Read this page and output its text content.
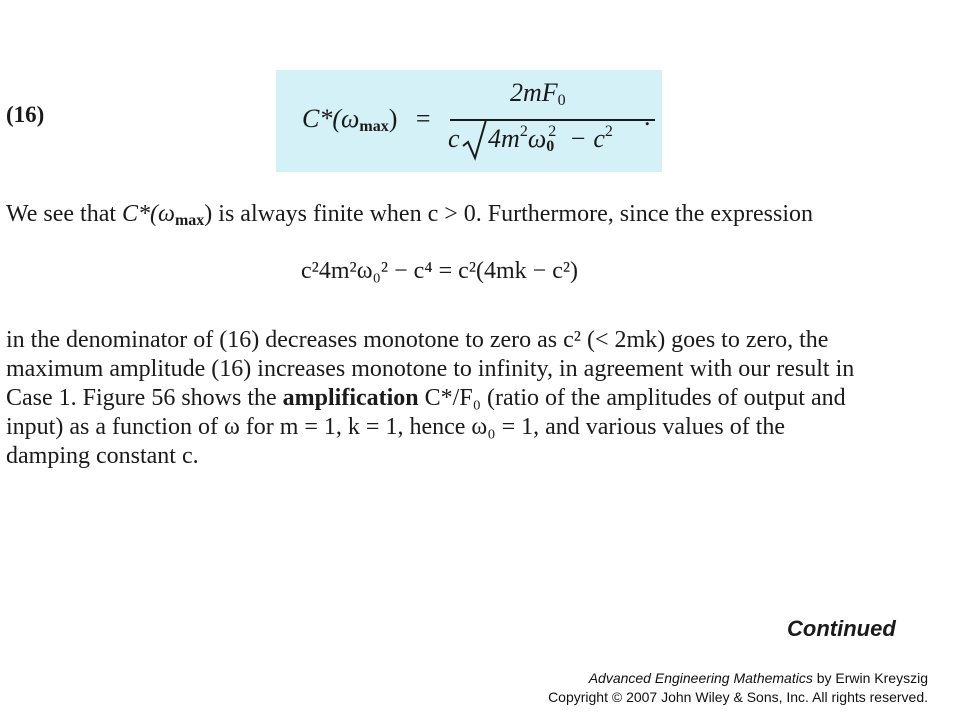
(16)	$C*(\omega_{max})$ =
$2mF_0$
c $4m^2\omega_0^2 - c^2$
.
We see that $C*(\omega_{max})$ is always finite when c > 0. Furthermore, since the expression
c²4m²ω₀² − c⁴ = c²(4mk − c²)
in the denominator of (16) decreases monotone to zero as c² (< 2mk) goes to zero, the
maximum amplitude (16) increases monotone to infinity, in agreement with our result in
Case 1. Figure 56 shows the amplification C*/F₀ (ratio of the amplitudes of output and
input) as a function of ω for m = 1, k = 1, hence ω₀ = 1, and various values of the
damping constant c.
Continued
Advanced Engineering Mathematics by Erwin Kreyszig
Copyright © 2007 John Wiley & Sons, Inc. All rights reserved.
